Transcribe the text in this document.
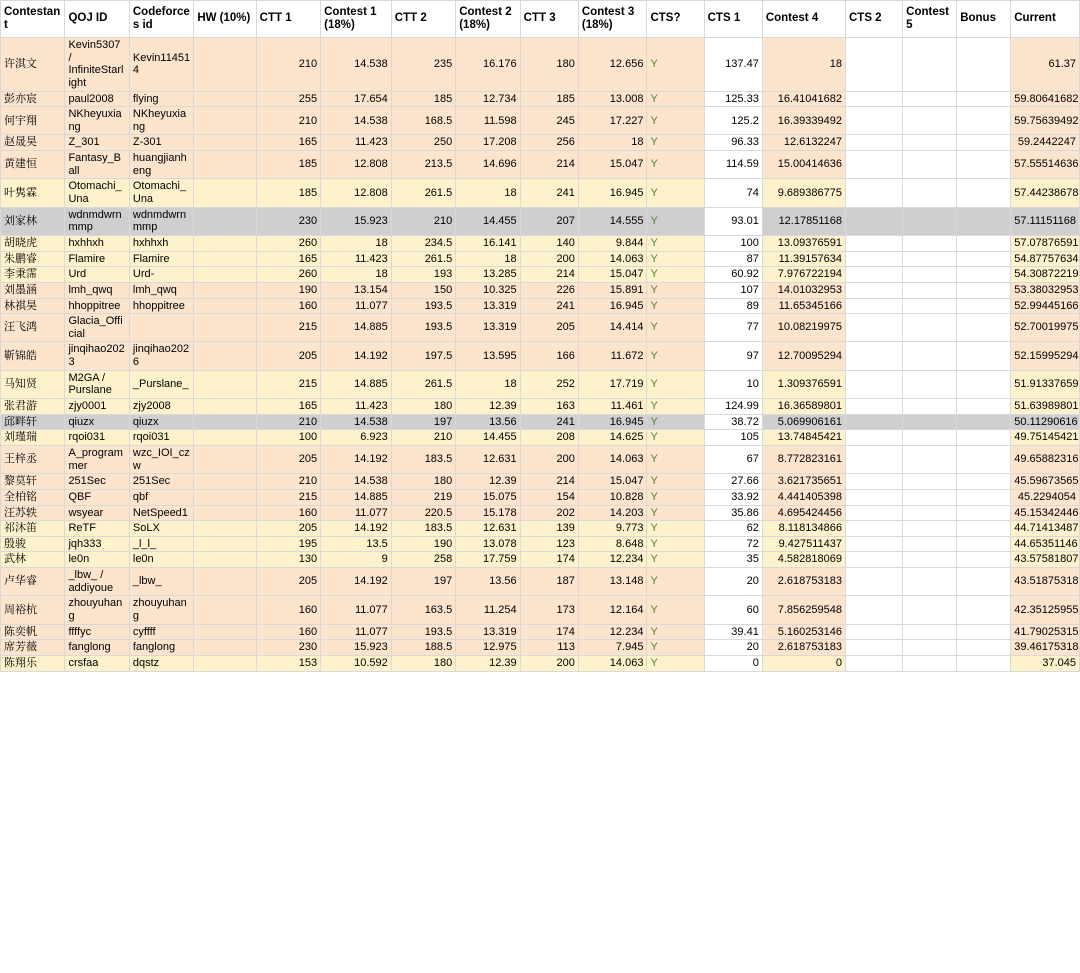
Contestant	QOJ ID	Codeforces id	HW (10%)	CTT 1	Contest 1 (18%)	CTT 2	Contest 2 (18%)	CTT 3	Contest 3 (18%)	CTS?	CTS 1	Contest 4	CTS 2	Contest 5	Bonus	Current
许淇文	Kevin5307 / InfiniteStarlight	Kevin114514		210	14.538	235	16.176	180	12.656	Y	137.47	18				61.37
彭亦宸	paul2008	flying		255	17.654	185	12.734	185	13.008	Y	125.33	16.41041682				59.80641682
何宇翔	NKheyuxiang	NKheyuxiang		210	14.538	168.5	11.598	245	17.227	Y	125.2	16.39339492				59.75639492
赵晟昊	Z_301	Z-301		165	11.423	250	17.208	256	18	Y	96.33	12.6132247				59.2442247
黄建恒	Fantasy_Ball	huangjianheng		185	12.808	213.5	14.696	214	15.047	Y	114.59	15.00414636				57.55514636
叶隽霖	Otomachi_Una	Otomachi_Una		185	12.808	261.5	18	241	16.945	Y	74	9.689386775				57.44238678
刘家林	wdnmdwrnmmp	wdnmdwrnmmp		230	15.923	210	14.455	207	14.555	Y	93.01	12.17851168				57.11151168
胡晓虎	hxhhxh	hxhhxh		260	18	234.5	16.141	140	9.844	Y	100	13.09376591				57.07876591
朱鹏睿	Flamire	Flamire		165	11.423	261.5	18	200	14.063	Y	87	11.39157634				54.87757634
李秉霈	Urd	Urd-		260	18	193	13.285	214	15.047	Y	60.92	7.976722194				54.30872219
刘墨涵	lmh_qwq	lmh_qwq		190	13.154	150	10.325	226	15.891	Y	107	14.01032953				53.38032953
林祺昊	hhoppitree	hhoppitree		160	11.077	193.5	13.319	241	16.945	Y	89	11.65345166				52.99445166
汪飞鸿	Glacia_Official			215	14.885	193.5	13.319	205	14.414	Y	77	10.08219975				52.70019975
靳锦皓	jinqihao2023	jinqihao2026		205	14.192	197.5	13.595	166	11.672	Y	97	12.70095294				52.15995294
马知贤	M2GA / Purslane	_Purslane_		215	14.885	261.5	18	252	17.719	Y	10	1.309376591				51.91337659
张君游	zjy0001	zjy2008		165	11.423	180	12.39	163	11.461	Y	124.99	16.36589801				51.63989801
邱畔轩	qiuzx	qiuzx		210	14.538	197	13.56	241	16.945	Y	38.72	5.069906161				50.11290616
刘瑾瑞	rqoi031	rqoi031		100	6.923	210	14.455	208	14.625	Y	105	13.74845421				49.75145421
王梓丞	A_programmer	wzc_IOI_czw		205	14.192	183.5	12.631	200	14.063	Y	67	8.772823161				49.65882316
黎莫轩	251Sec	251Sec		210	14.538	180	12.39	214	15.047	Y	27.66	3.621735651				45.59673565
全柏铭	QBF	qbf		215	14.885	219	15.075	154	10.828	Y	33.92	4.441405398				45.2294054
汪苏轶	wsyear	NetSpeed1		160	11.077	220.5	15.178	202	14.203	Y	35.86	4.695424456				45.15342446
祁沐笛	ReTF	SoLX		205	14.192	183.5	12.631	139	9.773	Y	62	8.118134866				44.71413487
殷骏	jqh333	_l_l_		195	13.5	190	13.078	123	8.648	Y	72	9.427511437				44.65351146
武林	le0n	le0n		130	9	258	17.759	174	12.234	Y	35	4.582818069				43.57581807
卢华睿	_lbw_ / addiyoue	_lbw_		205	14.192	197	13.56	187	13.148	Y	20	2.618753183				43.51875318
周裕杭	zhouyuhang	zhouyuhang		160	11.077	163.5	11.254	173	12.164	Y	60	7.856259548				42.35125955
陈奕帆	ffffyc	cyffff		160	11.077	193.5	13.319	174	12.234	Y	39.41	5.160253146				41.79025315
席芳薇	fanglong	fanglong		230	15.923	188.5	12.975	113	7.945	Y	20	2.618753183				39.46175318
陈翔乐	crsfaa	dqstz		153	10.592	180	12.39	200	14.063	Y	0	0				37.045
